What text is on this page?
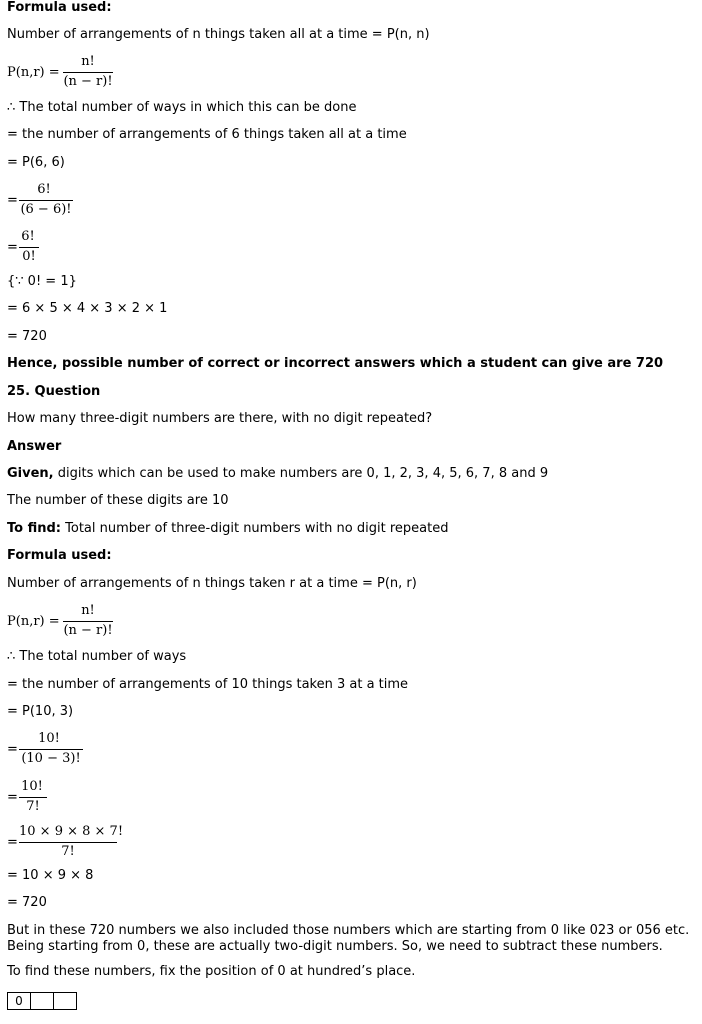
Formula used:
Number of arrangements of n things taken all at a time = P(n, n)
P(n,r) =
n!
(n − r)!
∴ The total number of ways in which this can be done
= the number of arrangements of 6 things taken all at a time
= P(6, 6)
=
6!
(6 − 6)!
=
6!
0!
{∵ 0! = 1}
= 6 × 5 × 4 × 3 × 2 × 1
= 720
Hence, possible number of correct or incorrect answers which a student can give are 720
25. Question
How many three-digit numbers are there, with no digit repeated?
Answer
Given, digits which can be used to make numbers are 0, 1, 2, 3, 4, 5, 6, 7, 8 and 9
The number of these digits are 10
To find: Total number of three-digit numbers with no digit repeated
Formula used:
Number of arrangements of n things taken r at a time = P(n, r)
P(n,r) =
n!
(n − r)!
∴ The total number of ways
= the number of arrangements of 10 things taken 3 at a time
= P(10, 3)
=
10!
(10 − 3)!
=
10!
7!
=
10 × 9 × 8 × 7!
7!
= 10 × 9 × 8
= 720
But in these 720 numbers we also included those numbers which are starting from 0 like 023 or 056 etc. Being starting from 0, these are actually two-digit numbers. So, we need to subtract these numbers.
To find these numbers, fix the position of 0 at hundred’s place.
0
